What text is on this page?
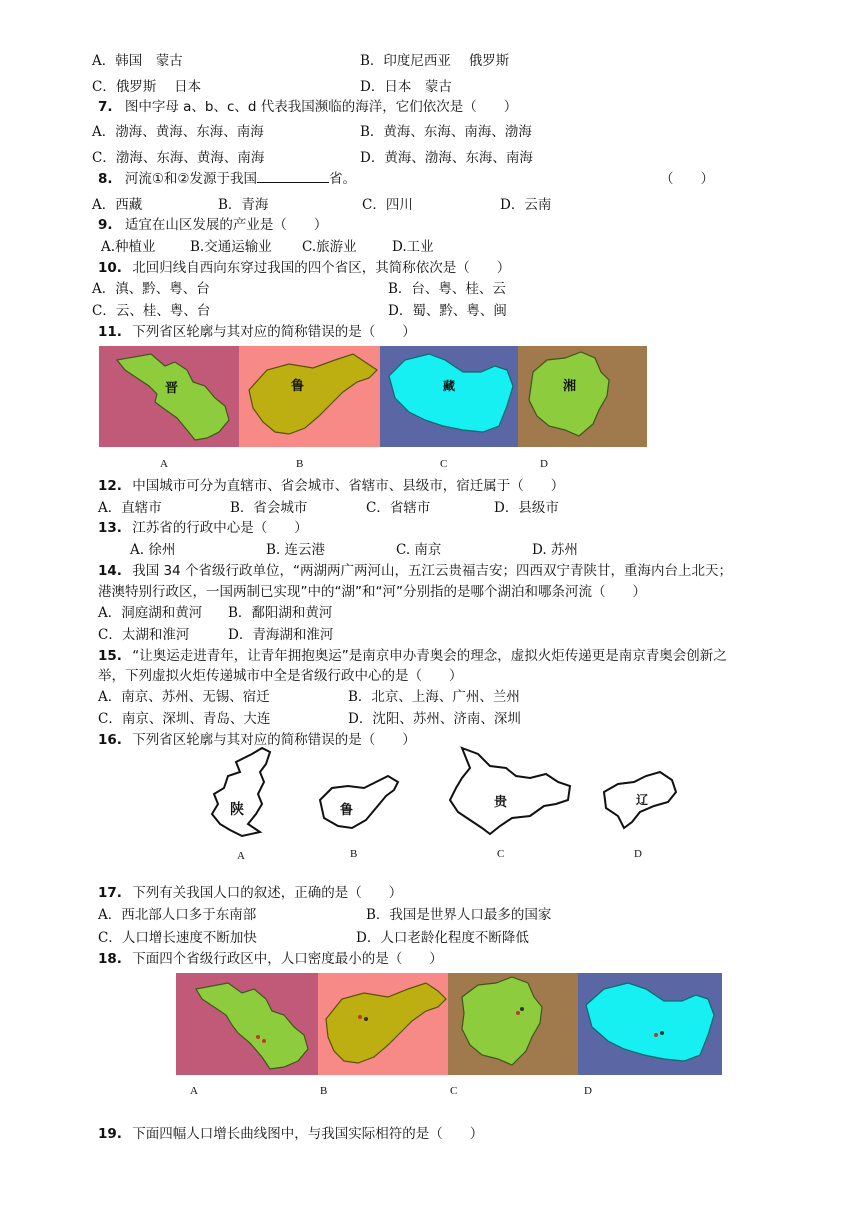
A．韩国　蒙古	B．印度尼西亚　 俄罗斯
C．俄罗斯　 日本	D．日本　蒙古
7. 图中字母 a、b、c、d 代表我国濒临的海洋，它们依次是（　　）
A．渤海、黄海、东海、南海	B．黄海、东海、南海、渤海
C．渤海、东海、黄海、南海	D．黄海、渤海、东海、南海
8. 河流①和②发源于我国	省。	（　　）
A．西藏	B．青海	C．四川	D．云南
9. 适宜在山区发展的产业是（　　）
A.种植业	B.交通运输业 C.旅游业	D.工业
10. 北回归线自西向东穿过我国的四个省区，其简称依次是（　　）
A．滇、黔、粤、台	B．台、粤、桂、云
C．云、桂、粤、台	D．蜀、黔、粤、闽
11. 下列省区轮廓与其对应的简称错误的是（　　）
晋	鲁	藏	湘
A	B	C	D
12. 中国城市可分为直辖市、省会城市、省辖市、县级市，宿迁属于（　　）
A．直辖市	B．省会城市	C．省辖市	D．县级市
13. 江苏省的行政中心是（　　）
A. 徐州	B. 连云港	C. 南京	D. 苏州
14. 我国 34 个省级行政单位，“两湖两广两河山，五江云贵福吉安；四西双宁青陕甘，重海内台上北天；
港澳特别行政区，一国两制已实现”中的“湖”和“河”分别指的是哪个湖泊和哪条河流（　　）
A．洞庭湖和黄河 B．鄱阳湖和黄河
C．太湖和淮河	D．青海湖和淮河
15. “让奥运走进青年，让青年拥抱奥运”是南京申办青奥会的理念，虚拟火炬传递更是南京青奥会创新之
举，下列虚拟火炬传递城市中全是省级行政中心的是（　　）
A．南京、苏州、无锡、宿迁	B．北京、上海、广州、兰州
C．南京、深圳、青岛、大连	D．沈阳、苏州、济南、深圳
16. 下列省区轮廓与其对应的简称错误的是（　　）
陕	鲁
贵	辽
A	B	C	D
17. 下列有关我国人口的叙述，正确的是（　　）
A．西北部人口多于东南部	B．我国是世界人口最多的国家
C．人口增长速度不断加快	D．人口老龄化程度不断降低
18. 下面四个省级行政区中，人口密度最小的是（　　）
A	B	C	D
19. 下面四幅人口增长曲线图中，与我国实际相符的是（　　）
